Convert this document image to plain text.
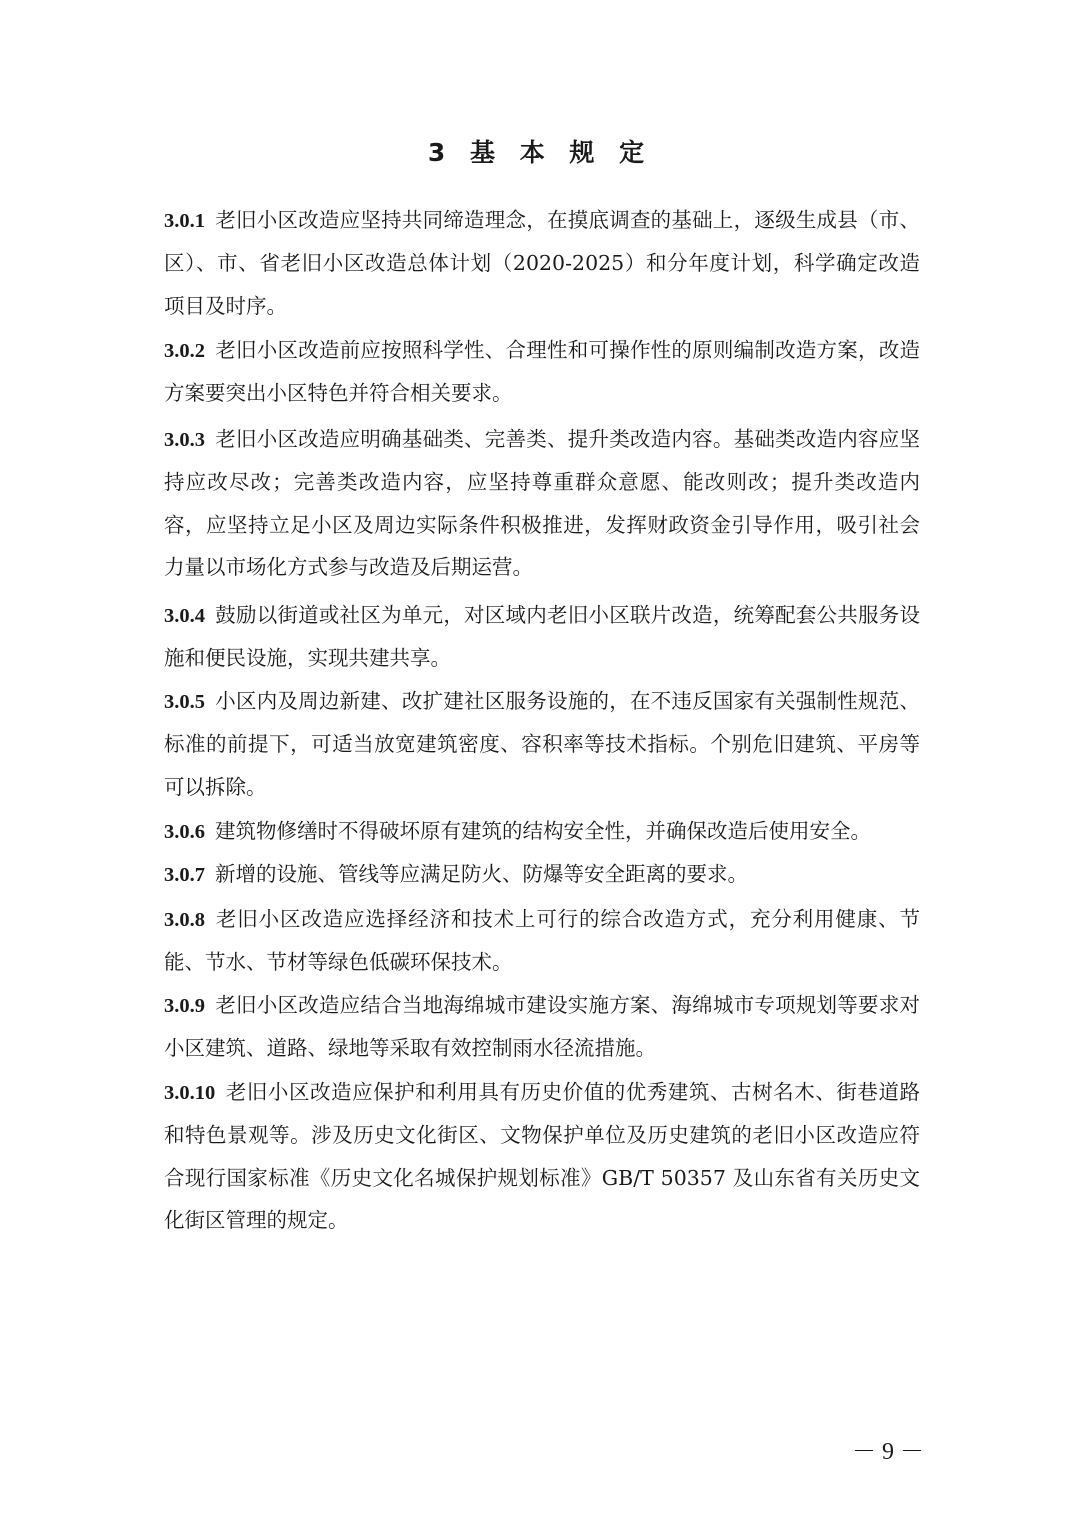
3 基 本 规 定
3.0.1 老旧小区改造应坚持共同缔造理念，在摸底调查的基础上，逐级生成县（市、区）、市、省老旧小区改造总体计划（2020-2025）和分年度计划，科学确定改造项目及时序。
3.0.2 老旧小区改造前应按照科学性、合理性和可操作性的原则编制改造方案，改造方案要突出小区特色并符合相关要求。
3.0.3 老旧小区改造应明确基础类、完善类、提升类改造内容。基础类改造内容应坚持应改尽改；完善类改造内容，应坚持尊重群众意愿、能改则改；提升类改造内容，应坚持立足小区及周边实际条件积极推进，发挥财政资金引导作用，吸引社会力量以市场化方式参与改造及后期运营。
3.0.4 鼓励以街道或社区为单元，对区域内老旧小区联片改造，统筹配套公共服务设施和便民设施，实现共建共享。
3.0.5 小区内及周边新建、改扩建社区服务设施的，在不违反国家有关强制性规范、标准的前提下，可适当放宽建筑密度、容积率等技术指标。个别危旧建筑、平房等可以拆除。
3.0.6 建筑物修缮时不得破坏原有建筑的结构安全性，并确保改造后使用安全。
3.0.7 新增的设施、管线等应满足防火、防爆等安全距离的要求。
3.0.8 老旧小区改造应选择经济和技术上可行的综合改造方式，充分利用健康、节能、节水、节材等绿色低碳环保技术。
3.0.9 老旧小区改造应结合当地海绵城市建设实施方案、海绵城市专项规划等要求对小区建筑、道路、绿地等采取有效控制雨水径流措施。
3.0.10 老旧小区改造应保护和利用具有历史价值的优秀建筑、古树名木、街巷道路和特色景观等。涉及历史文化街区、文物保护单位及历史建筑的老旧小区改造应符合现行国家标准《历史文化名城保护规划标准》GB/T 50357 及山东省有关历史文化街区管理的规定。
－ 9 －
